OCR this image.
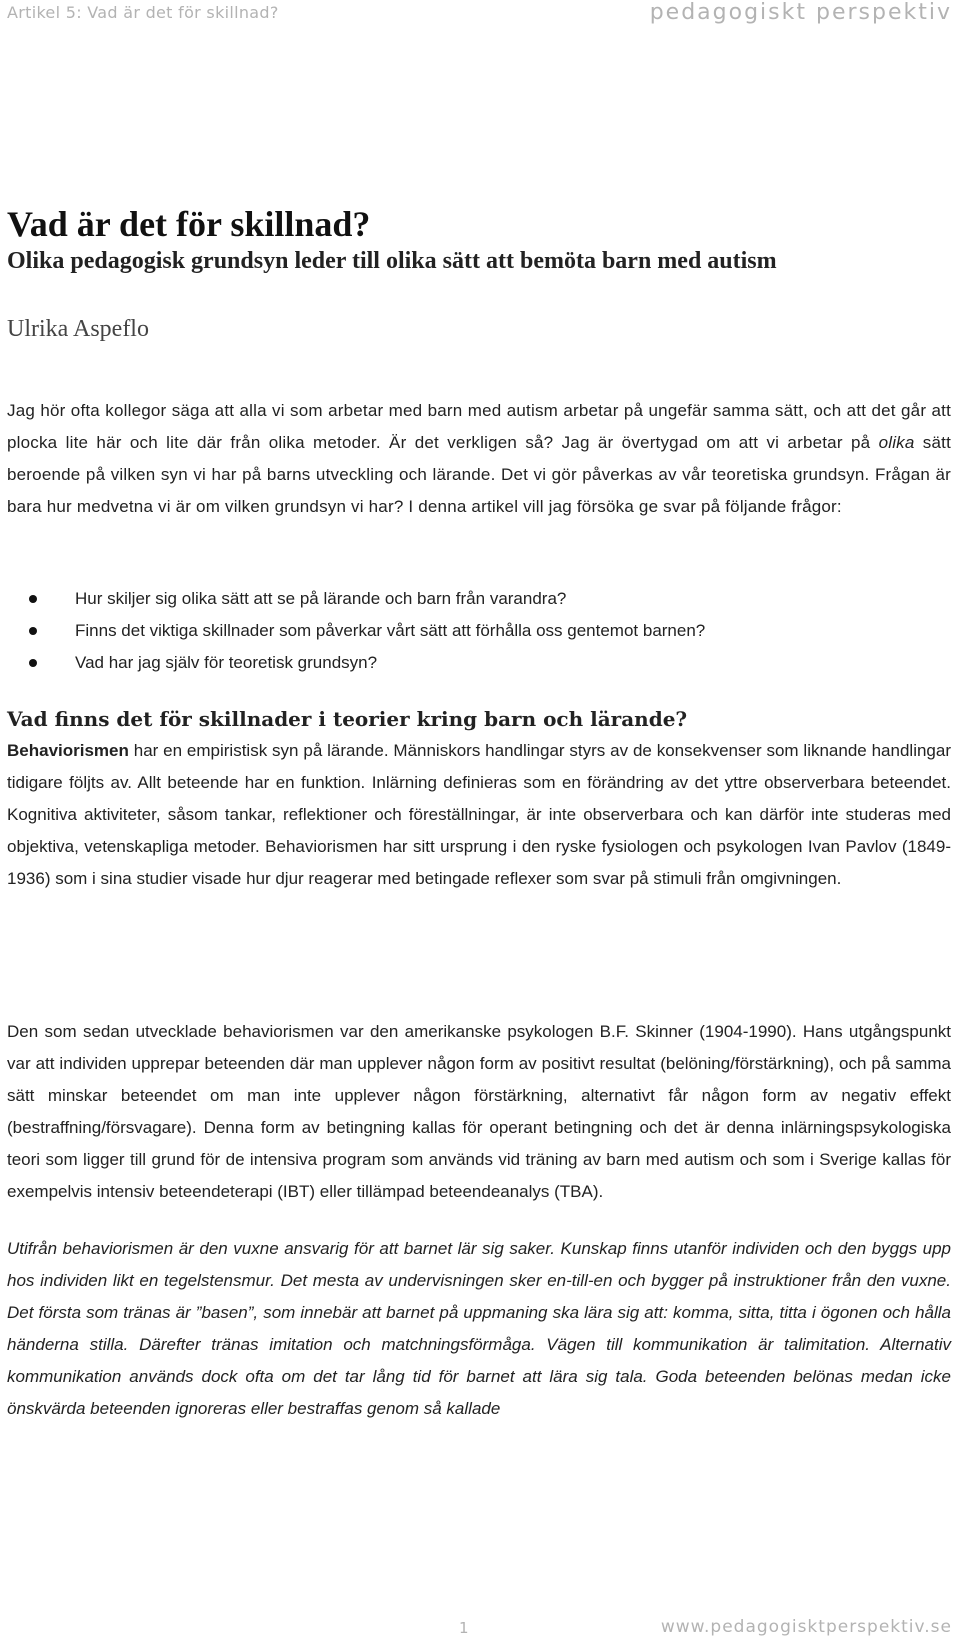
Artikel 5: Vad är det för skillnad?	pedagogiskt perspektiv
Vad är det för skillnad?
Olika pedagogisk grundsyn leder till olika sätt att bemöta barn med autism

Ulrika Aspeflo

Jag hör ofta kollegor säga att alla vi som arbetar med barn med autism arbetar på ungefär samma sätt, och att det går att plocka lite här och lite där från olika metoder. Är det verkligen så? Jag är övertygad om att vi arbetar på olika sätt beroende på vilken syn vi har på barns utveckling och lärande. Det vi gör påverkas av vår teoretiska grundsyn. Frågan är bara hur medvetna vi är om vilken grundsyn vi har? I denna artikel vill jag försöka ge svar på följande frågor:

Hur skiljer sig olika sätt att se på lärande och barn från varandra?
Finns det viktiga skillnader som påverkar vårt sätt att förhålla oss gentemot barnen?
Vad har jag själv för teoretisk grundsyn?
Vad finns det för skillnader i teorier kring barn och lärande?

Behaviorismen har en empiristisk syn på lärande. Människors handlingar styrs av de konsekvenser som liknande handlingar tidigare följts av. Allt beteende har en funktion. Inlärning definieras som en förändring av det yttre observerbara beteendet. Kognitiva aktiviteter, såsom tankar, reflektioner och föreställningar, är inte observerbara och kan därför inte studeras med objektiva, vetenskapliga metoder. Behaviorismen har sitt ursprung i den ryske fysiologen och psykologen Ivan Pavlov (1849-1936) som i sina studier visade hur djur reagerar med betingade reflexer som svar på stimuli från omgivningen.

Den som sedan utvecklade behaviorismen var den amerikanske psykologen B.F. Skinner (1904-1990). Hans utgångspunkt var att individen upprepar beteenden där man upplever någon form av positivt resultat (belöning/förstärkning), och på samma sätt minskar beteendet om man inte upplever någon förstärkning, alternativt får någon form av negativ effekt (bestraffning/försvagare). Denna form av betingning kallas för operant betingning och det är denna inlärningspsykologiska teori som ligger till grund för de intensiva program som används vid träning av barn med autism och som i Sverige kallas för exempelvis intensiv beteendeterapi (IBT) eller tillämpad beteendeanalys (TBA).

Utifrån behaviorismen är den vuxne ansvarig för att barnet lär sig saker. Kunskap finns utanför individen och den byggs upp hos individen likt en tegelstensmur. Det mesta av undervisningen sker en-till-en och bygger på instruktioner från den vuxne. Det första som tränas är ”basen”, som innebär att barnet på uppmaning ska lära sig att: komma, sitta, titta i ögonen och hålla händerna stilla. Därefter tränas imitation och matchningsförmåga. Vägen till kommunikation är talimitation. Alternativ kommunikation används dock ofta om det tar lång tid för barnet att lära sig tala. Goda beteenden belönas medan icke önskvärda beteenden ignoreras eller bestraffas genom så kallade

1	www.pedagogisktperspektiv.se
